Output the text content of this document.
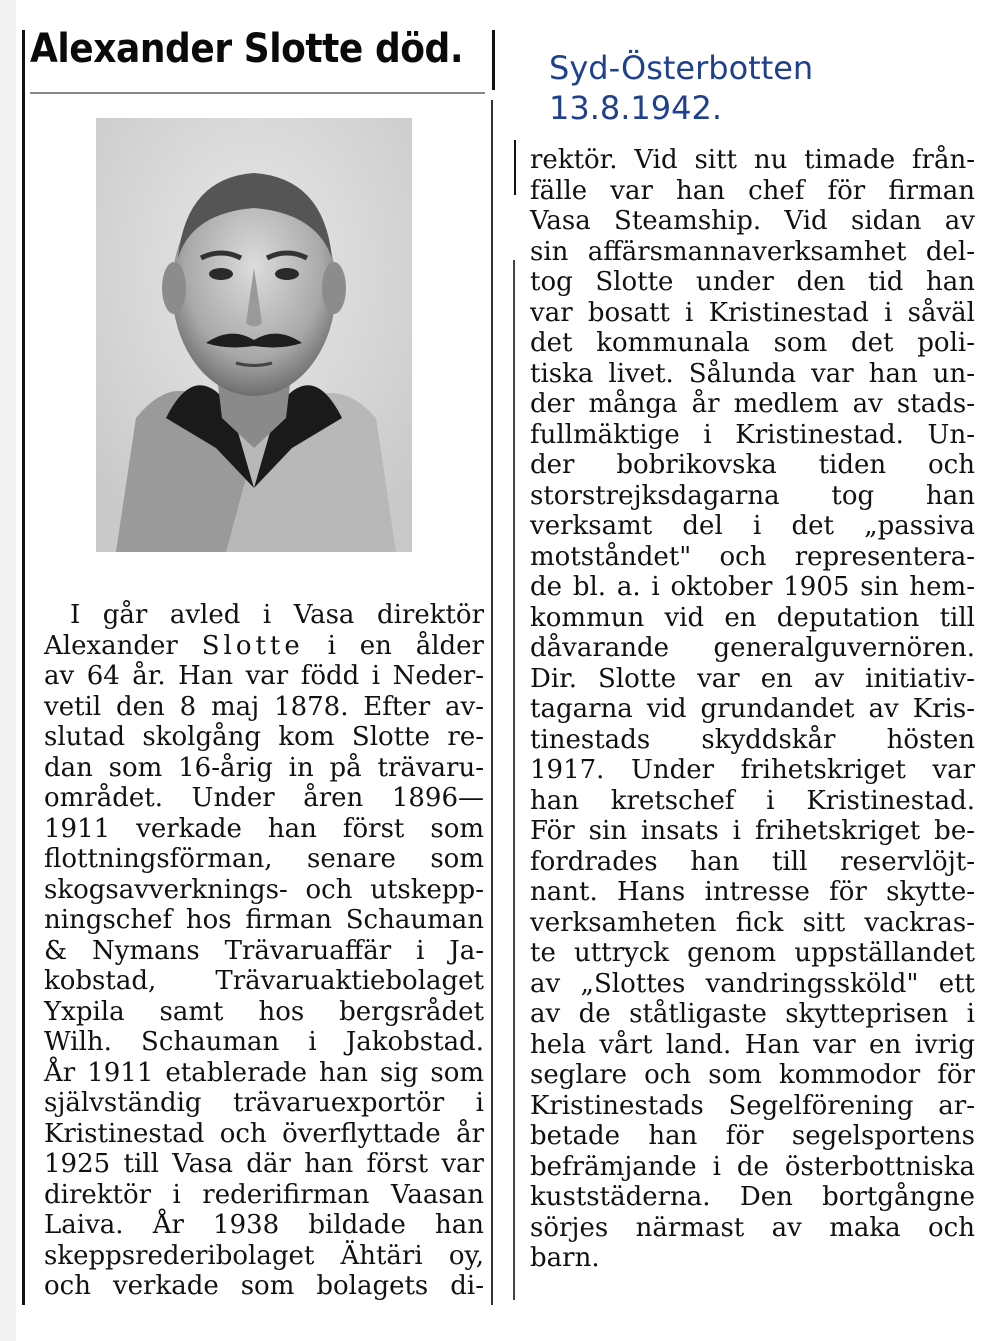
Alexander Slotte död.	Syd-Österbotten
13.8.1942.
I går avled i Vasa direktör
Alexander Slotte i en ålder
av 64 år. Han var född i Neder-
vetil den 8 maj 1878. Efter av-
slutad skolgång kom Slotte re-
dan som 16-årig in på trävaru-
området. Under åren 1896—
1911 verkade han först som
flottningsförman, senare som
skogsavverknings- och utskepp-
ningschef hos firman Schauman
& Nymans Trävaruaffär i Ja-
kobstad, Trävaruaktiebolaget
Yxpila samt hos bergsrådet
Wilh. Schauman i Jakobstad.
År 1911 etablerade han sig som
självständig trävaruexportör i
Kristinestad och överflyttade år
1925 till Vasa där han först var
direktör i rederifirman Vaasan
Laiva. År 1938 bildade han
skeppsrederibolaget Ähtäri oy,
och verkade som bolagets di-
rektör. Vid sitt nu timade från-
fälle var han chef för firman
Vasa Steamship. Vid sidan av
sin affärsmannaverksamhet del-
tog Slotte under den tid han
var bosatt i Kristinestad i såväl
det kommunala som det poli-
tiska livet. Sålunda var han un-
der många år medlem av stads-
fullmäktige i Kristinestad. Un-
der bobrikovska tiden och
storstrejksdagarna tog han
verksamt del i det „passiva
motståndet" och representera-
de bl. a. i oktober 1905 sin hem-
kommun vid en deputation till
dåvarande generalguvernören.
Dir. Slotte var en av initiativ-
tagarna vid grundandet av Kris-
tinestads skyddskår hösten
1917. Under frihetskriget var
han kretschef i Kristinestad.
För sin insats i frihetskriget be-
fordrades han till reservlöjt-
nant. Hans intresse för skytte-
verksamheten fick sitt vackras-
te uttryck genom uppställandet
av „Slottes vandringssköld" ett
av de ståtligaste skytteprisen i
hela vårt land. Han var en ivrig
seglare och som kommodor för
Kristinestads Segelförening ar-
betade han för segelsportens
befrämjande i de österbottniska
kuststäderna. Den bortgångne
sörjes närmast av maka och
barn.
